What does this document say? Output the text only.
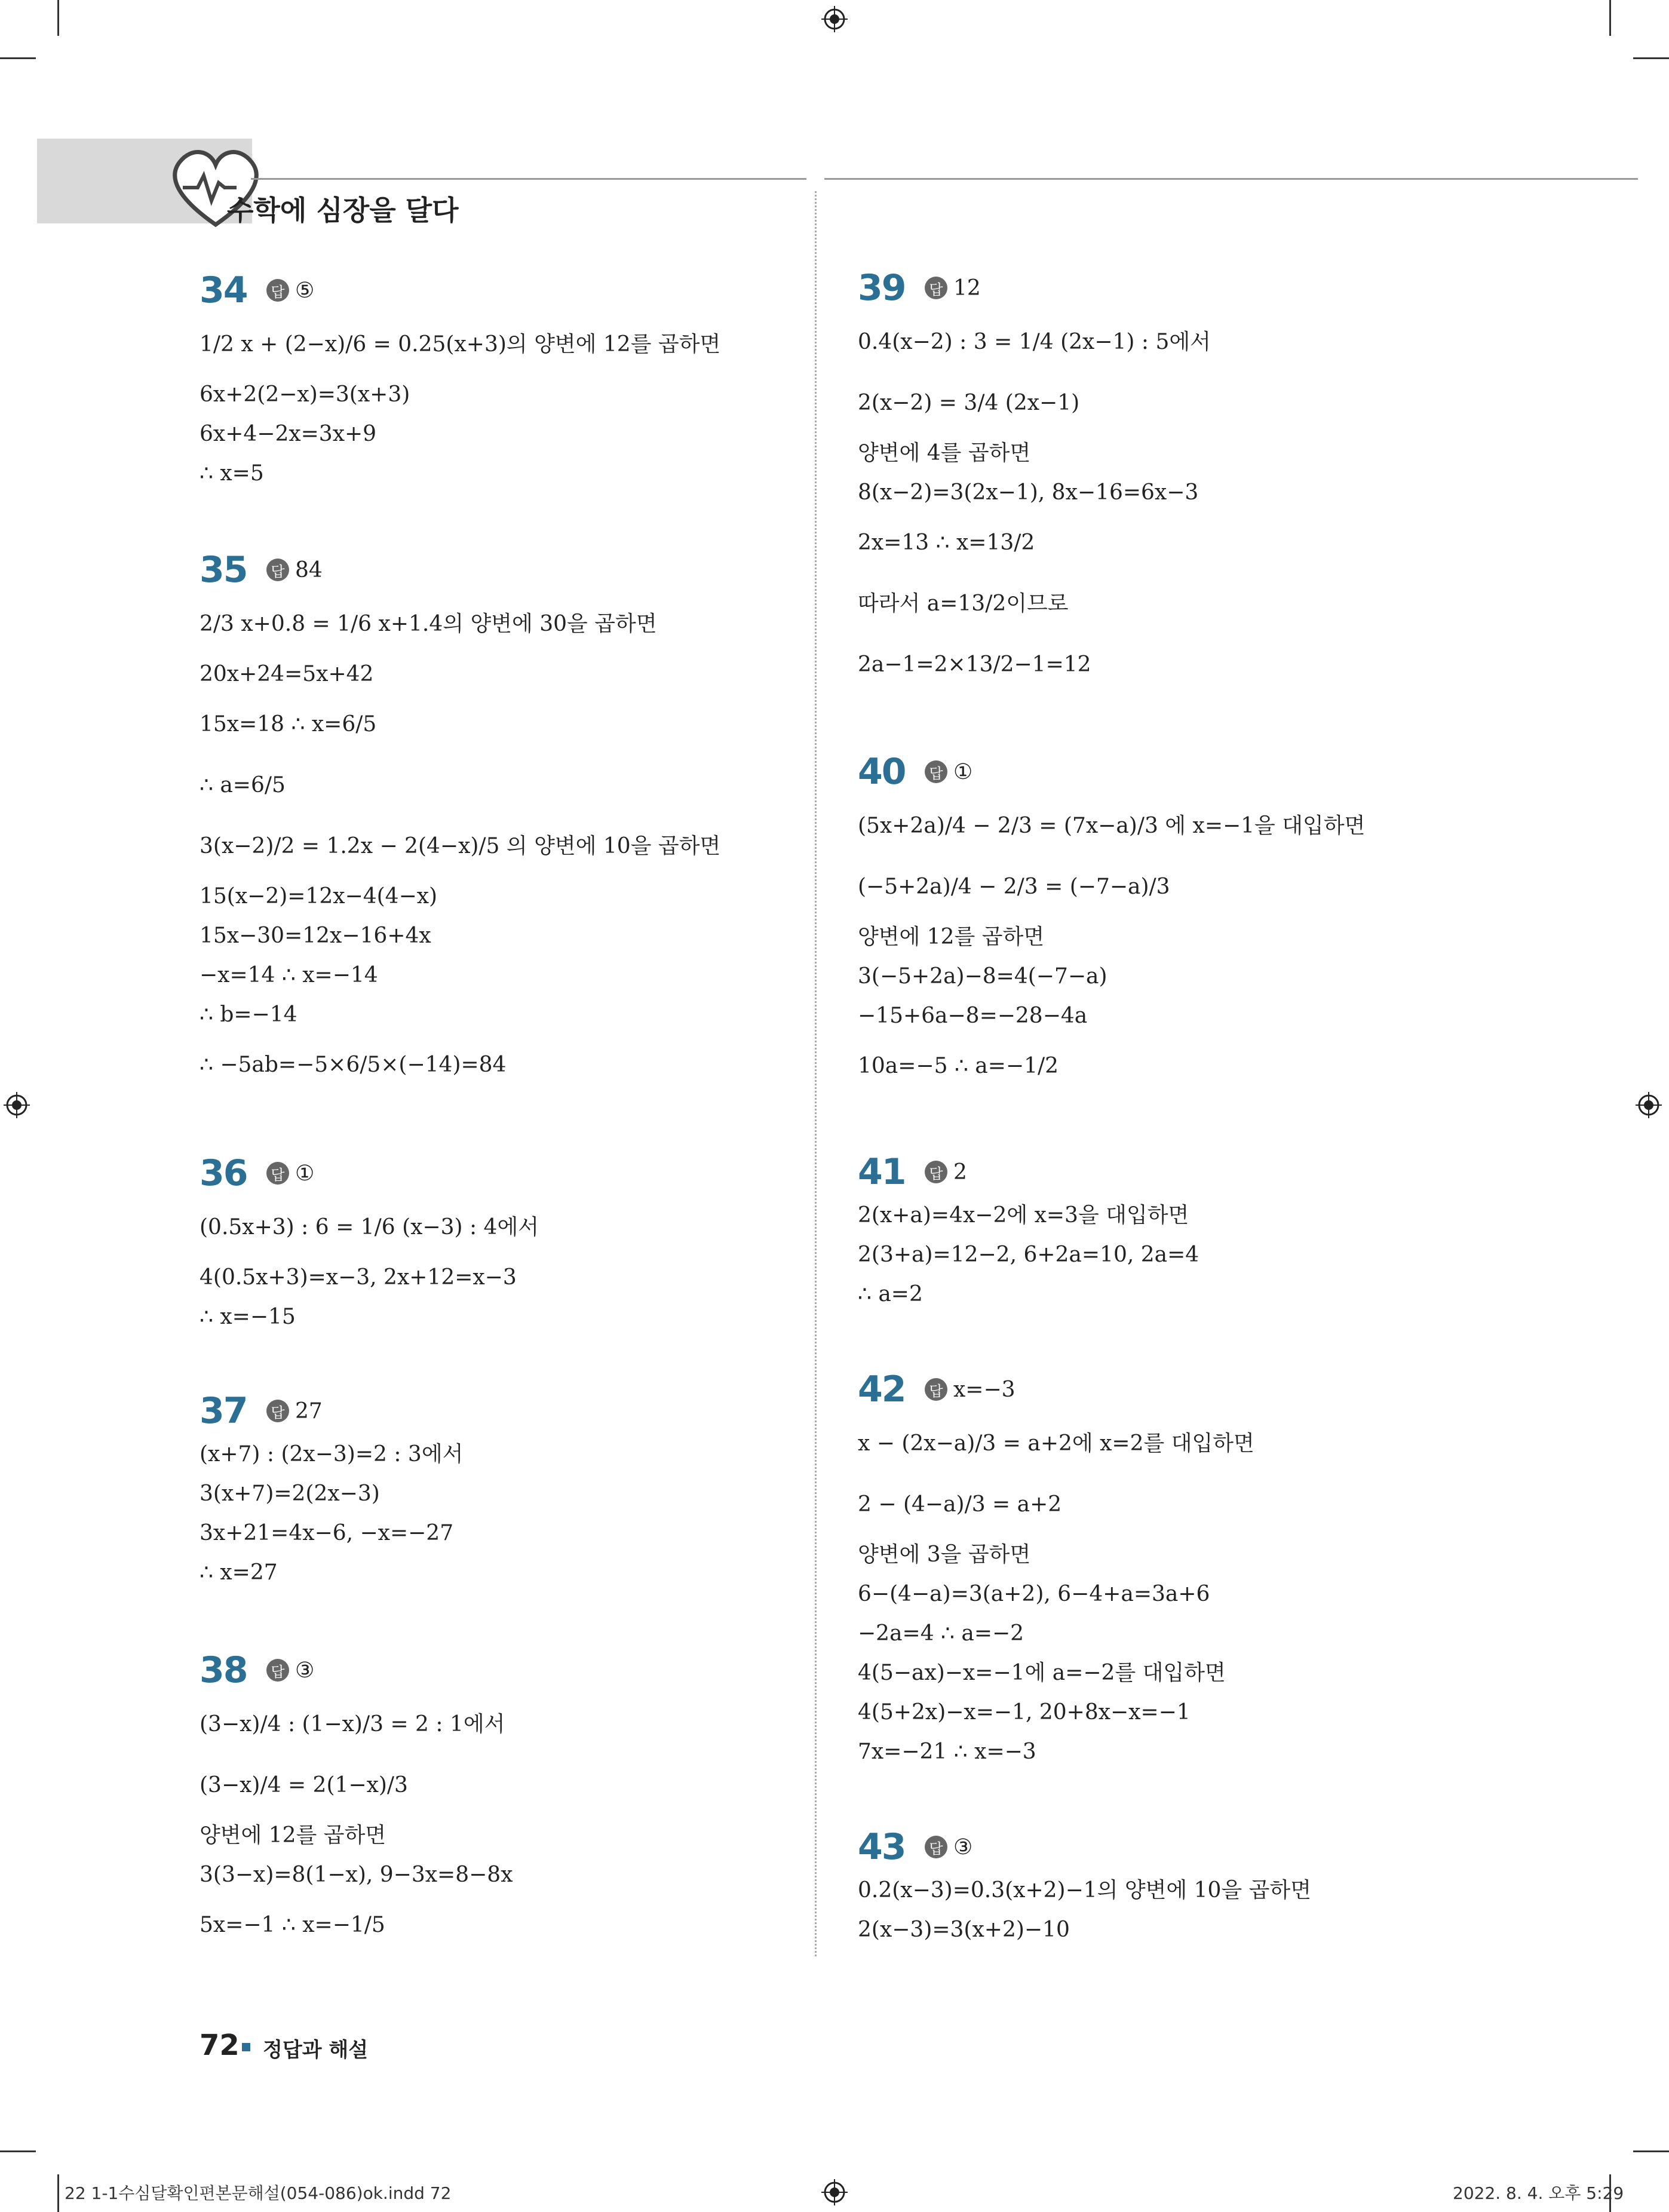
수학에 심장을 달다
34	답 ⑤
1/2 x + (2−x)/6 = 0.25(x+3)의 양변에 12를 곱하면
6x+2(2−x)=3(x+3)
6x+4−2x=3x+9
∴ x=5
35	답 84
2/3 x+0.8 = 1/6 x+1.4의 양변에 30을 곱하면
20x+24=5x+42
15x=18 ∴ x=6/5
∴ a=6/5
3(x−2)/2 = 1.2x − 2(4−x)/5 의 양변에 10을 곱하면
15(x−2)=12x−4(4−x)
15x−30=12x−16+4x
−x=14 ∴ x=−14
∴ b=−14
∴ −5ab=−5×6/5×(−14)=84
36	답 ①
(0.5x+3) : 6 = 1/6 (x−3) : 4에서
4(0.5x+3)=x−3, 2x+12=x−3
∴ x=−15
37	답 27
(x+7) : (2x−3)=2 : 3에서
3(x+7)=2(2x−3)
3x+21=4x−6, −x=−27
∴ x=27
38	답 ③
(3−x)/4 : (1−x)/3 = 2 : 1에서
(3−x)/4 = 2(1−x)/3
양변에 12를 곱하면
3(3−x)=8(1−x), 9−3x=8−8x
5x=−1 ∴ x=−1/5
39	답 12
0.4(x−2) : 3 = 1/4 (2x−1) : 5에서
2(x−2) = 3/4 (2x−1)
양변에 4를 곱하면
8(x−2)=3(2x−1), 8x−16=6x−3
2x=13 ∴ x=13/2
따라서 a=13/2이므로
2a−1=2×13/2−1=12
40	답 ①
(5x+2a)/4 − 2/3 = (7x−a)/3 에 x=−1을 대입하면
(−5+2a)/4 − 2/3 = (−7−a)/3
양변에 12를 곱하면
3(−5+2a)−8=4(−7−a)
−15+6a−8=−28−4a
10a=−5 ∴ a=−1/2
41	답 2
2(x+a)=4x−2에 x=3을 대입하면
2(3+a)=12−2, 6+2a=10, 2a=4
∴ a=2
42	답 x=−3
x − (2x−a)/3 = a+2에 x=2를 대입하면
2 − (4−a)/3 = a+2
양변에 3을 곱하면
6−(4−a)=3(a+2), 6−4+a=3a+6
−2a=4 ∴ a=−2
4(5−ax)−x=−1에 a=−2를 대입하면
4(5+2x)−x=−1, 20+8x−x=−1
7x=−21 ∴ x=−3
43	답 ③
0.2(x−3)=0.3(x+2)−1의 양변에 10을 곱하면
2(x−3)=3(x+2)−10
72 정답과 해설
22 1-1수심달확인편본문해설(054-086)ok.indd 72	2022. 8. 4. 오후 5:29
